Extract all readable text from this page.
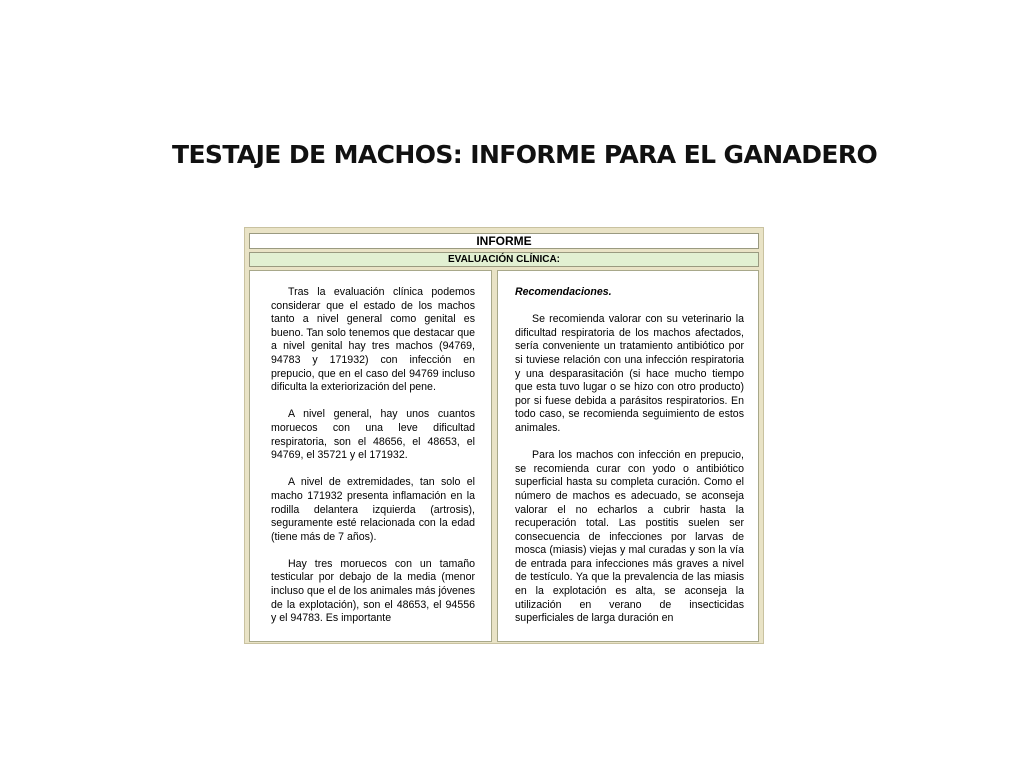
TESTAJE DE MACHOS: INFORME PARA EL GANADERO
INFORME
EVALUACIÓN CLÍNICA:

Tras la evaluación clínica podemos considerar que el estado de los machos tanto a nivel general como genital es bueno. Tan solo tenemos que destacar que a nivel genital hay tres machos (94769, 94783 y 171932) con infección en prepucio, que en el caso del 94769 incluso dificulta la exteriorización del pene.

A nivel general, hay unos cuantos moruecos con una leve dificultad respiratoria, son el 48656, el 48653, el 94769, el 35721 y el 171932.

A nivel de extremidades, tan solo el macho 171932 presenta inflamación en la rodilla delantera izquierda (artrosis), seguramente esté relacionada con la edad (tiene más de 7 años).

Hay tres moruecos con un tamaño testicular por debajo de la media (menor incluso que el de los animales más jóvenes de la explotación), son el 48653, el 94556 y el 94783. Es importante

Recomendaciones.

Se recomienda valorar con su veterinario la dificultad respiratoria de los machos afectados, sería conveniente un tratamiento antibiótico por si tuviese relación con una infección respiratoria y una desparasitación (si hace mucho tiempo que esta tuvo lugar o se hizo con otro producto) por si fuese debida a parásitos respiratorios. En todo caso, se recomienda seguimiento de estos animales.

Para los machos con infección en prepucio, se recomienda curar con yodo o antibiótico superficial hasta su completa curación. Como el número de machos es adecuado, se aconseja valorar el no echarlos a cubrir hasta la recuperación total. Las postitis suelen ser consecuencia de infecciones por larvas de mosca (miasis) viejas y mal curadas y son la vía de entrada para infecciones más graves a nivel de testículo. Ya que la prevalencia de las miasis en la explotación es alta, se aconseja la utilización en verano de insecticidas superficiales de larga duración en
